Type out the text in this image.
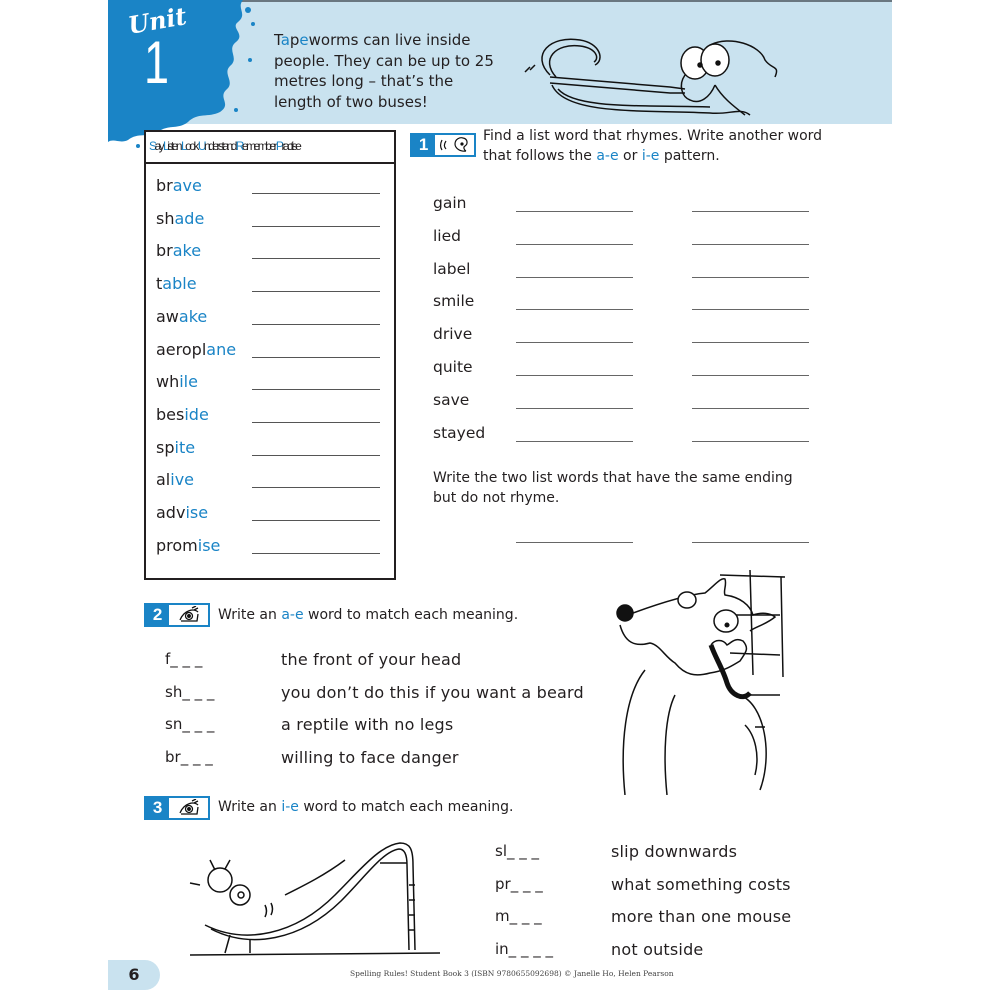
Unit
1	Tapeworms can live inside people. They can be up to 25 metres long – that’s the length of two buses!
Say Listen Look Understand Remember Practise
brave
shade
brake
table
awake
aeroplane
while
beside
spite
alive
advise
promise
1	Find a list word that rhymes. Write another word that follows the a-e or i-e pattern.
gain
lied
label
smile
drive
quite
save
stayed
Write the two list words that have the same ending but do not rhyme.
2	Write an a-e word to match each meaning.
f_ _ _	the front of your head
sh_ _ _	you don’t do this if you want a beard
sn_ _ _	a reptile with no legs
br_ _ _	willing to face danger
3	Write an i-e word to match each meaning.
sl_ _ _	slip downwards
pr_ _ _	what something costs
m_ _ _	more than one mouse
in_ _ _ _	not outside
6	Spelling Rules! Student Book 3 (ISBN 9780655092698) © Janelle Ho, Helen Pearson
